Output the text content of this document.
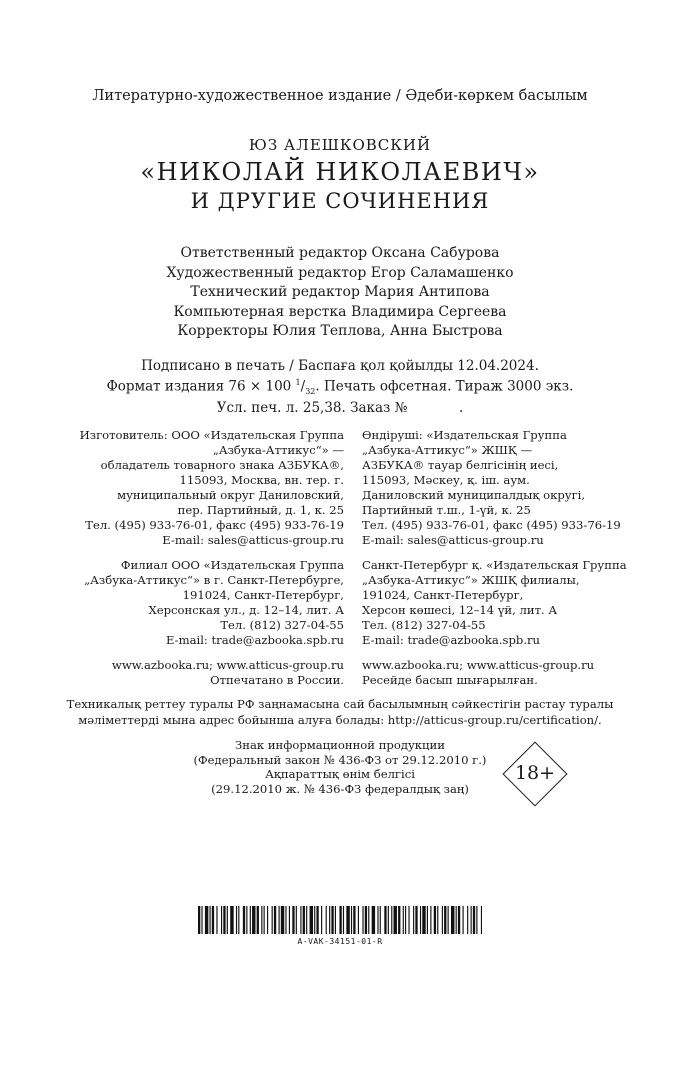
Литературно-художественное издание / Әдеби-көркем басылым
ЮЗ АЛЕШКОВСКИЙ
«НИКОЛАЙ НИКОЛАЕВИЧ»
И ДРУГИЕ СОЧИНЕНИЯ
Ответственный редактор Оксана Сабурова
Художественный редактор Егор Саламашенко
Технический редактор Мария Антипова
Компьютерная верстка Владимира Сергеева
Корректоры Юлия Теплова, Анна Быстрова
Подписано в печать / Баспаға қол қойылды 12.04.2024.
Формат издания 76 × 100 $^1/_{32}$. Печать офсетная. Тираж 3000 экз.
Усл. печ. л. 25,38. Заказ №            .
Изготовитель: ООО «Издательская Группа
„Азбука-Аттикус“» —
обладатель товарного знака АЗБУКА®,
115093, Москва, вн. тер. г.
муниципальный округ Даниловский,
пер. Партийный, д. 1, к. 25
Тел. (495) 933-76-01, факс (495) 933-76-19
E-mail: sales@atticus-group.ru
Филиал ООО «Издательская Группа
„Азбука-Аттикус“» в г. Санкт-Петербурге,
191024, Санкт-Петербург,
Херсонская ул., д. 12–14, лит. А
Тел. (812) 327-04-55
E-mail: trade@azbooka.spb.ru
www.azbooka.ru; www.atticus-group.ru
Отпечатано в России.
Өндіруші: «Издательская Группа
„Азбука-Аттикус“» ЖШҚ —
АЗБУКА® тауар белгісінің иесі,
115093, Мәскеу, қ. іш. аум.
Даниловский муниципалдық округі,
Партийный т.ш., 1-үй, к. 25
Тел. (495) 933-76-01, факс (495) 933-76-19
E-mail: sales@atticus-group.ru
Санкт-Петербург қ. «Издательская Группа
„Азбука-Аттикус“» ЖШҚ филиалы,
191024, Санкт-Петербург,
Херсон көшесі, 12–14 үй, лит. А
Тел. (812) 327-04-55
E-mail: trade@azbooka.spb.ru
www.azbooka.ru; www.atticus-group.ru
Ресейде басып шығарылған.
Техникалық реттеу туралы РФ заңнамасына сай басылымның сәйкестігін растау туралы
мәліметтерді мына адрес бойынша алуға болады: http://atticus-group.ru/certification/.
Знак информационной продукции
(Федеральный закон № 436-ФЗ от 29.12.2010 г.)
Ақпараттық өнім белгісі
(29.12.2010 ж. № 436-ФЗ федералдық заң)
18+
A-VAK-34151-01-R
